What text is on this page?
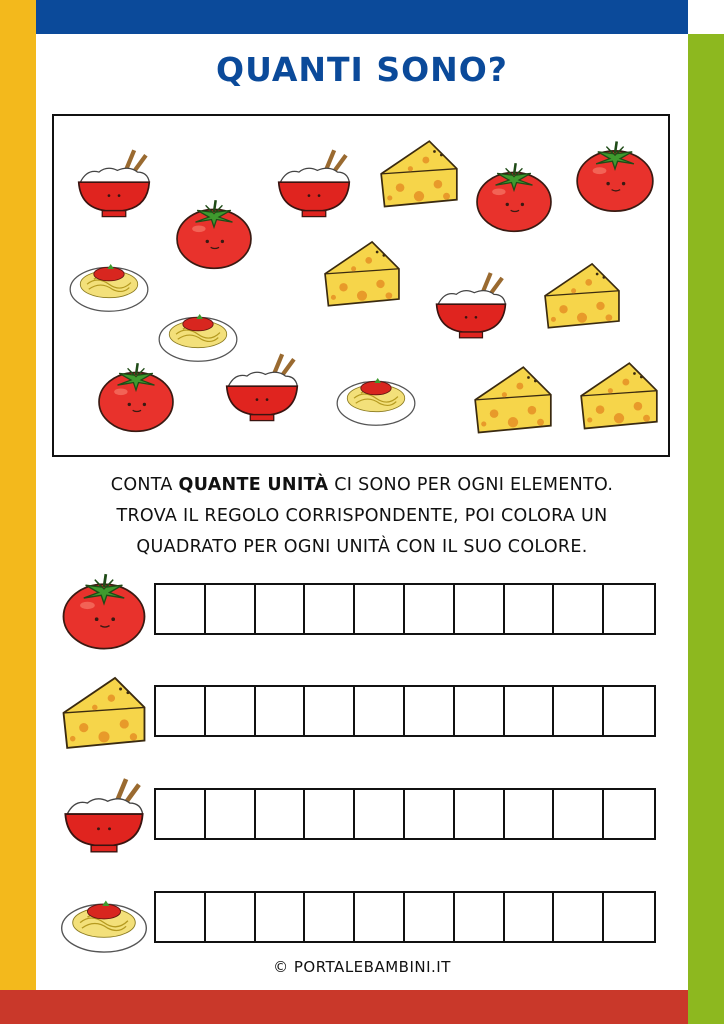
QUANTI SONO?
CONTA QUANTE UNITÀ CI SONO PER OGNI ELEMENTO.
TROVA IL REGOLO CORRISPONDENTE, POI COLORA UN
QUADRATO PER OGNI UNITÀ CON IL SUO COLORE.
© PORTALEBAMBINI.IT
